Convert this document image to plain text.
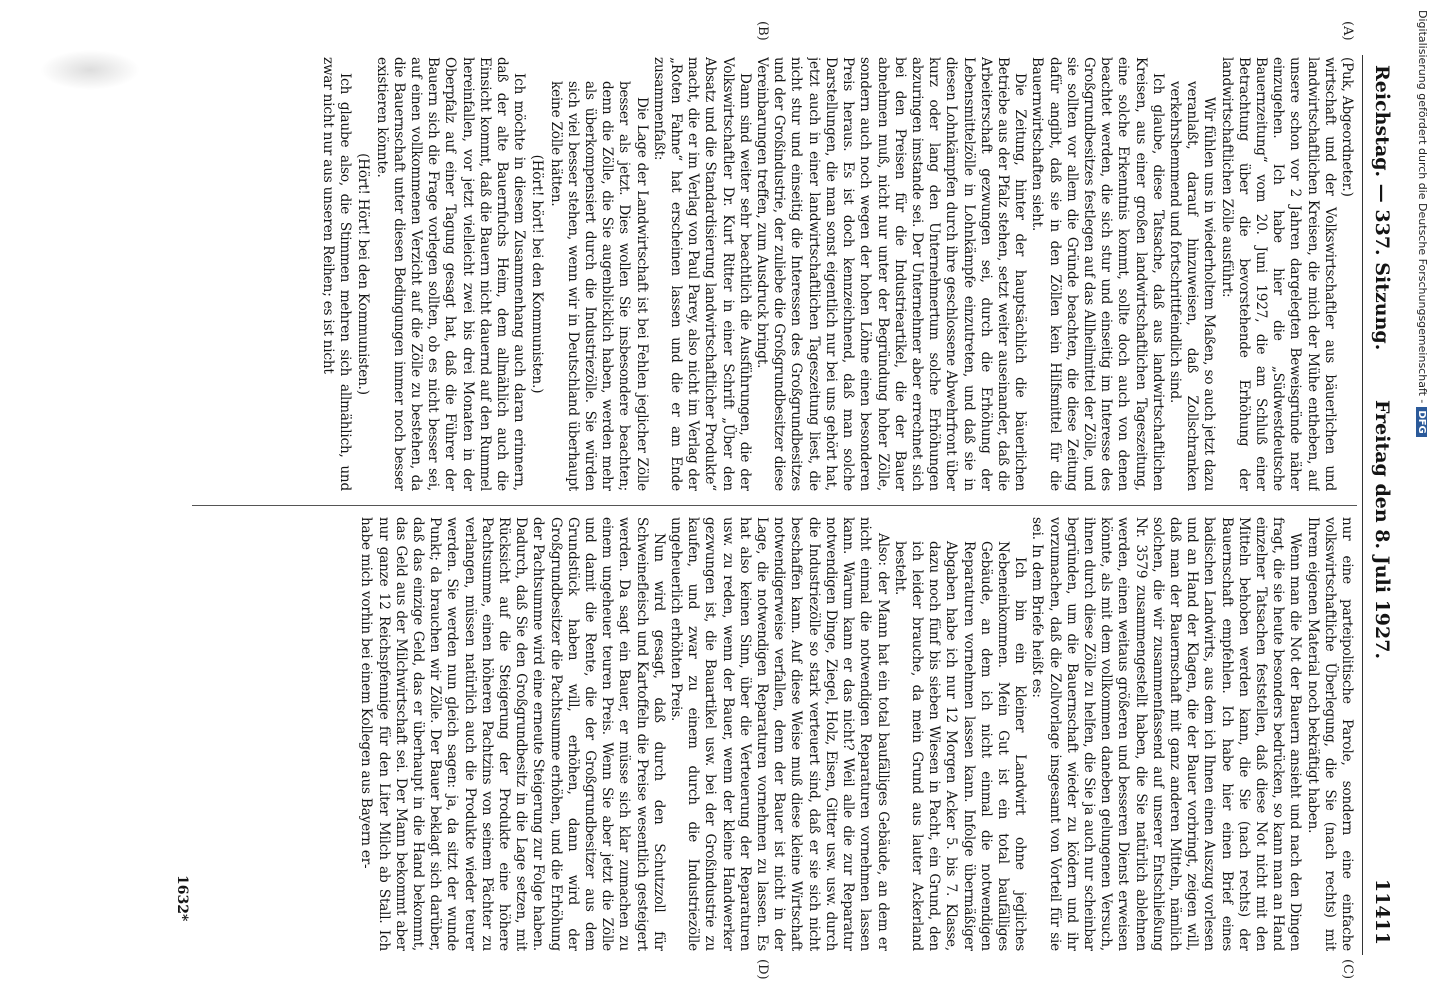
Reichstag. — 337. Sitzung.
Freitag den 8. Juli 1927.
11411
(A)
(B)
(C)
(D)

(Puk, Abgeordneter.)

wirtschaft und der Volkswirtschaftler aus bäuerlichen und landwirtschaftlichen Kreisen, die mich der Mühe entheben, auf unsere schon vor 2 Jahren dargelegten Beweisgründe näher einzugehen. Ich habe hier die „Südwestdeutsche Bauernzeitung“ vom 20. Juni 1927, die am Schluß einer Betrachtung über die bevorstehende Erhöhung der landwirtschaftlichen Zölle ausführt:

Wir fühlen uns in wiederholtem Maßen, so auch jetzt dazu veranlaßt, darauf hinzuweisen, daß Zollschranken verkehrshemmend und fortschrittfeindlich sind.

Ich glaube, diese Tatsache, daß aus landwirtschaftlichen Kreisen, aus einer großen landwirtschaftlichen Tageszeitung, eine solche Erkenntnis kommt, sollte doch auch von denen beachtet werden, die sich stur und einseitig im Interesse des Großgrundbesitzes festlegen auf das Allheilmittel der Zölle, und sie sollten vor allem die Gründe beachten, die diese Zeitung dafür angibt, daß sie in den Zöllen kein Hilfsmittel für die Bauernwirtschaften sieht.

Die Zeitung, hinter der hauptsächlich die bäuerlichen Betriebe aus der Pfalz stehen, setzt weiter auseinander, daß die Arbeiterschaft gezwungen sei, durch die Erhöhung der Lebensmittelzölle in Lohnkämpfe einzutreten, und daß sie in diesen Lohnkämpfen durch ihre geschlossene Abwehrfront über kurz oder lang den Unternehmertum solche Erhöhungen abzuringen imstande sei. Der Unternehmer aber errechnet sich bei den Preisen für die Industrieartikel, die der Bauer abnehmen muß, nicht nur unter der Begründung hoher Zölle, sondern auch noch wegen der hohen Löhne einen besonderen Preis heraus. Es ist doch kennzeichnend, daß man solche Darstellungen, die man sonst eigentlich nur bei uns gehört hat, jetzt auch in einer landwirtschaftlichen Tageszeitung liest, die nicht stur und einseitig die Interessen des Großgrundbesitzes und der Großindustrie, der zuliebe die Großgrundbesitzer diese Vereinbarungen treffen, zum Ausdruck bringt.

Dann sind weiter sehr beachtlich die Ausführungen, die der Volkswirtschaftler Dr. Kurt Ritter in einer Schrift „Über den Absatz und die Standardisierung landwirtschaftlicher Produkte“ macht, die er im Verlag von Paul Parey, also nicht im Verlag der „Roten Fahne“ hat erscheinen lassen und die er am Ende zusammenfaßt:

Die Lage der Landwirtschaft ist bei Fehlen jeglicher Zölle besser als jetzt. Dies wollen Sie insbesondere beachten; denn die Zölle, die Sie augenblicklich haben, werden mehr als überkompensiert durch die Industriezölle. Sie würden sich viel besser stehen, wenn wir in Deutschland überhaupt keine Zölle hätten.

(Hört! hört! bei den Kommunisten.)

Ich möchte in diesem Zusammenhang auch daran erinnern, daß der alte Bauernfuchs Heim, dem allmählich auch die Einsicht kommt, daß die Bauern nicht dauernd auf den Rummel hereinfallen, vor jetzt vielleicht zwei bis drei Monaten in der Oberpfalz auf einer Tagung gesagt hat, daß die Führer der Bauern sich die Frage vorlegen sollten, ob es nicht besser sei, auf einen vollkommenen Verzicht auf die Zölle zu bestehen, da die Bauernschaft unter diesen Bedingungen immer noch besser existieren könnte.

(Hört! Hört! bei den Kommunisten.)

Ich glaube also, die Stimmen mehren sich allmählich, und zwar nicht nur aus unseren Reihen; es ist nicht

nur eine parteipolitische Parole, sondern eine einfache volkswirtschaftliche Überlegung, die Sie (nach rechts) mit Ihrem eigenen Material noch bekräftigt haben.

Wenn man die Not der Bauern ansieht und nach den Dingen fragt, die sie heute besonders bedrücken, so kann man an Hand einzelner Tatsachen feststellen, daß diese Not nicht mit den Mitteln behoben werden kann, die Sie (nach rechts) der Bauernschaft empfehlen. Ich habe hier einen Brief eines badischen Landwirts, aus dem ich Ihnen einen Auszug vorlesen und an Hand der Klagen, die der Bauer vorbringt, zeigen will, daß man der Bauernschaft mit ganz anderen Mitteln, nämlich solchen, die wir zusammenfassend auf unserer Entschließung Nr. 3579 zusammengestellt haben, die Sie natürlich ablehnen werden, einen weitaus größeren und besseren Dienst erweisen könnte, als mit dem vollkommen daneben gelungenen Versuch, ihnen durch diese Zölle zu helfen, die Sie ja auch nur scheinbar begründen, um die Bauernschaft wieder zu ködern und ihr vorzumachen, daß die Zollvorlage insgesamt von Vorteil für sie sei. In dem Briefe heißt es:

Ich bin ein kleiner Landwirt ohne jegliches Nebeneinkommen. Mein Gut ist ein total baufälliges Gebäude, an dem ich nicht einmal die notwendigen Reparaturen vornehmen lassen kann. Infolge übermäßiger Abgaben habe ich nur 12 Morgen Acker 5. bis 7. Klasse, dazu noch fünf bis sieben Wiesen in Pacht, ein Grund, den ich leider brauche, da mein Grund aus lauter Ackerland besteht.

Also: der Mann hat ein total baufälliges Gebäude, an dem er nicht einmal die notwendigen Reparaturen vornehmen lassen kann. Warum kann er das nicht? Weil alle die zur Reparatur notwendigen Dinge, Ziegel, Holz, Eisen, Gitter usw. usw. durch die Industriezölle so stark verteuert sind, daß er sie sich nicht beschaffen kann. Auf diese Weise muß diese kleine Wirtschaft notwendigerweise verfallen, denn der Bauer ist nicht in der Lage, die notwendigen Reparaturen vornehmen zu lassen. Es hat also keinen Sinn, über die Verteuerung der Reparaturen usw. zu reden, wenn der Bauer, wenn der kleine Handwerker gezwungen ist, die Bauartikel usw. bei der Großindustrie zu kaufen, und zwar zu einem durch die Industriezölle ungeheuerlich erhöhten Preis.

Nun wird gesagt, daß durch den Schutzzoll für Schweinefleisch und Kartoffeln die Preise wesentlich gesteigert werden. Da sagt ein Bauer, er müsse sich klar zumachen zu einem ungeheuer teuren Preis. Wenn Sie aber jetzt die Zölle und damit die Rente, die der Großgrundbesitzer aus dem Grundstück haben will, erhöhen, dann wird der Großgrundbesitzer die Pachtsumme erhöhen, und die Erhöhung der Pachtsumme wird eine erneute Steigerung zur Folge haben. Dadurch, daß Sie den Großgrundbesitz in die Lage setzen, mit Rücksicht auf die Steigerung der Produkte eine höhere Pachtsumme, einen höheren Pachtzins von seinem Pächter zu verlangen, müssen natürlich auch die Produkte wieder teurer werden. Sie werden nun gleich sagen: ja, da sitzt der wunde Punkt; da brauchen wir Zölle. Der Bauer beklagt sich darüber, daß das einzige Geld, das er überhaupt in die Hand bekommt, das Geld aus der Milchwirtschaft sei. Der Mann bekommt aber nur ganze 12 Reichspfennige für den Liter Milch ab Stall. Ich habe mich vorhin bei einem Kollegen aus Bayern er-

1632*
Digitalisierung gefördert durch die Deutsche Forschungsgemeinschaft -DFG
